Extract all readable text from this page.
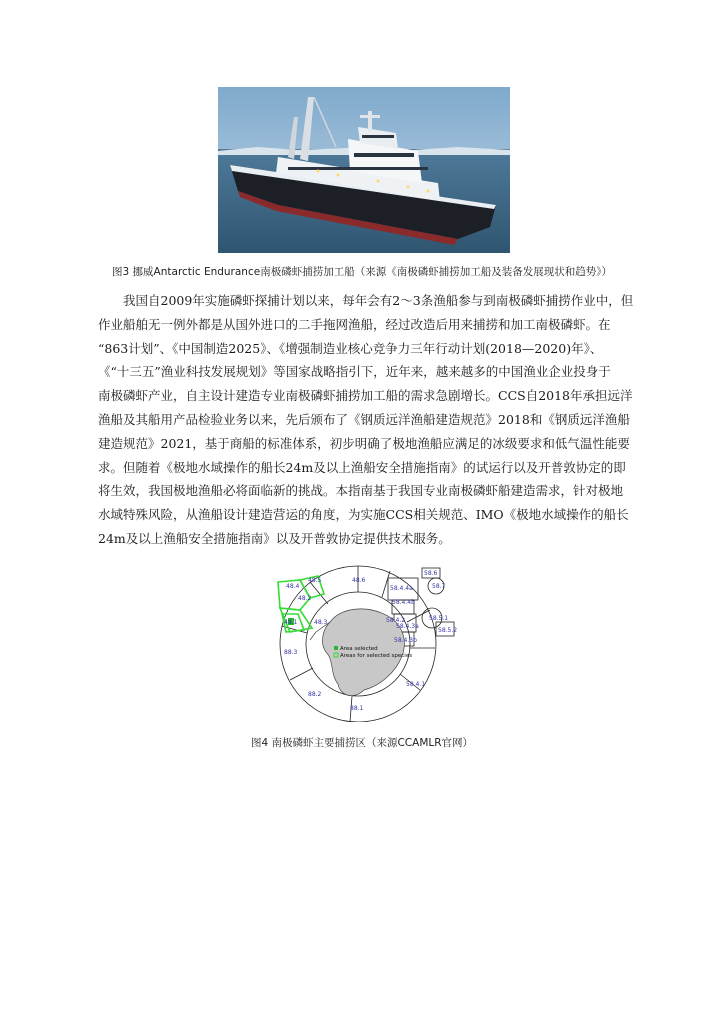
图3 挪威Antarctic Endurance南极磷虾捕捞加工船（来源《南极磷虾捕捞加工船及装备发展现状和趋势》）
我国自2009年实施磷虾探捕计划以来，每年会有2～3条渔船参与到南极磷虾捕捞作业中，但
作业船舶无一例外都是从国外进口的二手拖网渔船，经过改造后用来捕捞和加工南极磷虾。在
“863计划”、《中国制造2025》、《增强制造业核心竞争力三年行动计划(2018—2020)年》、
《“十三五”渔业科技发展规划》等国家战略指引下，近年来，越来越多的中国渔业企业投身于
南极磷虾产业，自主设计建造专业南极磷虾捕捞加工船的需求急剧增长。CCS自2018年承担远洋
渔船及其船用产品检验业务以来，先后颁布了《钢质远洋渔船建造规范》2018和《钢质远洋渔船
建造规范》2021，基于商船的标准体系，初步明确了极地渔船应满足的冰级要求和低气温性能要
求。但随着《极地水域操作的船长24m及以上渔船安全措施指南》的试运行以及开普敦协定的即
将生效，我国极地渔船必将面临新的挑战。本指南基于我国专业南极磷虾船建造需求，针对极地
水域特殊风险，从渔船设计建造营运的角度，为实施CCS相关规范、IMO《极地水域操作的船长
24m及以上渔船安全措施指南》以及开普敦协定提供技术服务。
48.6
48.5
48.4
48.2
48.1	48.3
88.3
88.2
88.1
58.4.4a
58.4.4b
58.4.2
58.4.3a
58.4.3b
58.4.1
58.6
58.7
58.5.1
58.5.2
Area selected
Areas for selected species
图4 南极磷虾主要捕捞区（来源CCAMLR官网）
